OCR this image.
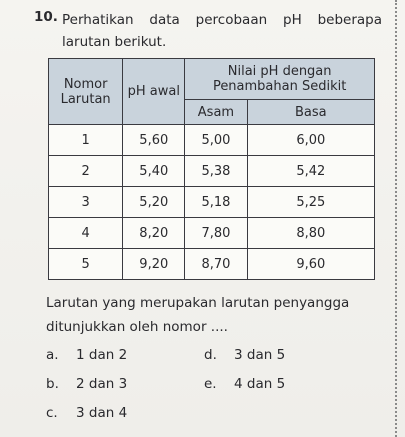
10. Perhatikan data percobaan pH beberapa larutan berikut.
Nomor Larutan	pH awal	Nilai pH dengan Penambahan Sedikit	
		Asam	Basa
1	5,60	5,00	6,00
2	5,40	5,38	5,42
3	5,20	5,18	5,25
4	8,20	7,80	8,80
5	9,20	8,70	9,60
Larutan yang merupakan larutan penyangga ditunjukkan oleh nomor ....
a. 1 dan 2
b. 2 dan 3
c. 3 dan 4
d. 3 dan 5
e. 4 dan 5
